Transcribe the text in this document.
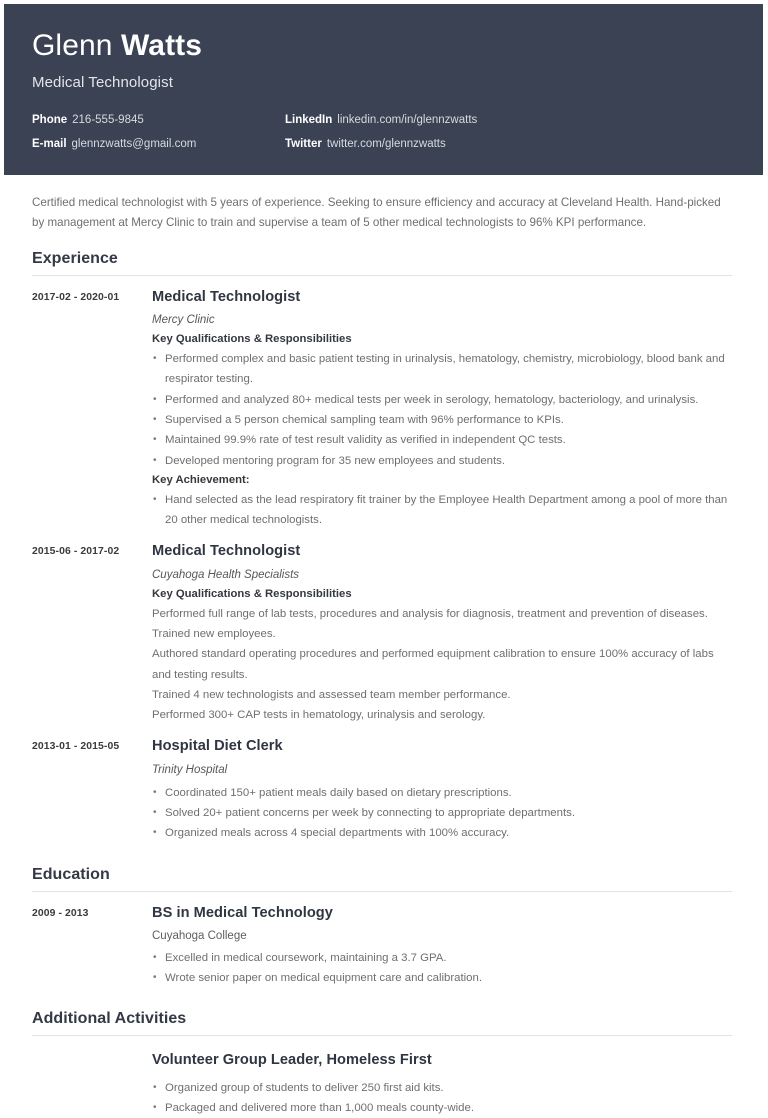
Glenn Watts
Medical Technologist
Phone 216-555-9845	LinkedIn linkedin.com/in/glennzwatts
E-mail glennzwatts@gmail.com	Twitter twitter.com/glennzwatts
Certified medical technologist with 5 years of experience. Seeking to ensure efficiency and accuracy at Cleveland Health. Hand-picked by management at Mercy Clinic to train and supervise a team of 5 other medical technologists to 96% KPI performance.
Experience
2017-02 - 2020-01	Medical Technologist
Mercy Clinic
Key Qualifications & Responsibilities
• Performed complex and basic patient testing in urinalysis, hematology, chemistry, microbiology, blood bank and respirator testing.
• Performed and analyzed 80+ medical tests per week in serology, hematology, bacteriology, and urinalysis.
• Supervised a 5 person chemical sampling team with 96% performance to KPIs.
• Maintained 99.9% rate of test result validity as verified in independent QC tests.
• Developed mentoring program for 35 new employees and students.
Key Achievement:
• Hand selected as the lead respiratory fit trainer by the Employee Health Department among a pool of more than 20 other medical technologists.
2015-06 - 2017-02	Medical Technologist
Cuyahoga Health Specialists
Key Qualifications & Responsibilities
Performed full range of lab tests, procedures and analysis for diagnosis, treatment and prevention of diseases.
Trained new employees.
Authored standard operating procedures and performed equipment calibration to ensure 100% accuracy of labs and testing results.
Trained 4 new technologists and assessed team member performance.
Performed 300+ CAP tests in hematology, urinalysis and serology.
2013-01 - 2015-05	Hospital Diet Clerk
Trinity Hospital
• Coordinated 150+ patient meals daily based on dietary prescriptions.
• Solved 20+ patient concerns per week by connecting to appropriate departments.
• Organized meals across 4 special departments with 100% accuracy.
Education
2009 - 2013	BS in Medical Technology
Cuyahoga College
• Excelled in medical coursework, maintaining a 3.7 GPA.
• Wrote senior paper on medical equipment care and calibration.
Additional Activities
Volunteer Group Leader, Homeless First
• Organized group of students to deliver 250 first aid kits.
• Packaged and delivered more than 1,000 meals county-wide.
